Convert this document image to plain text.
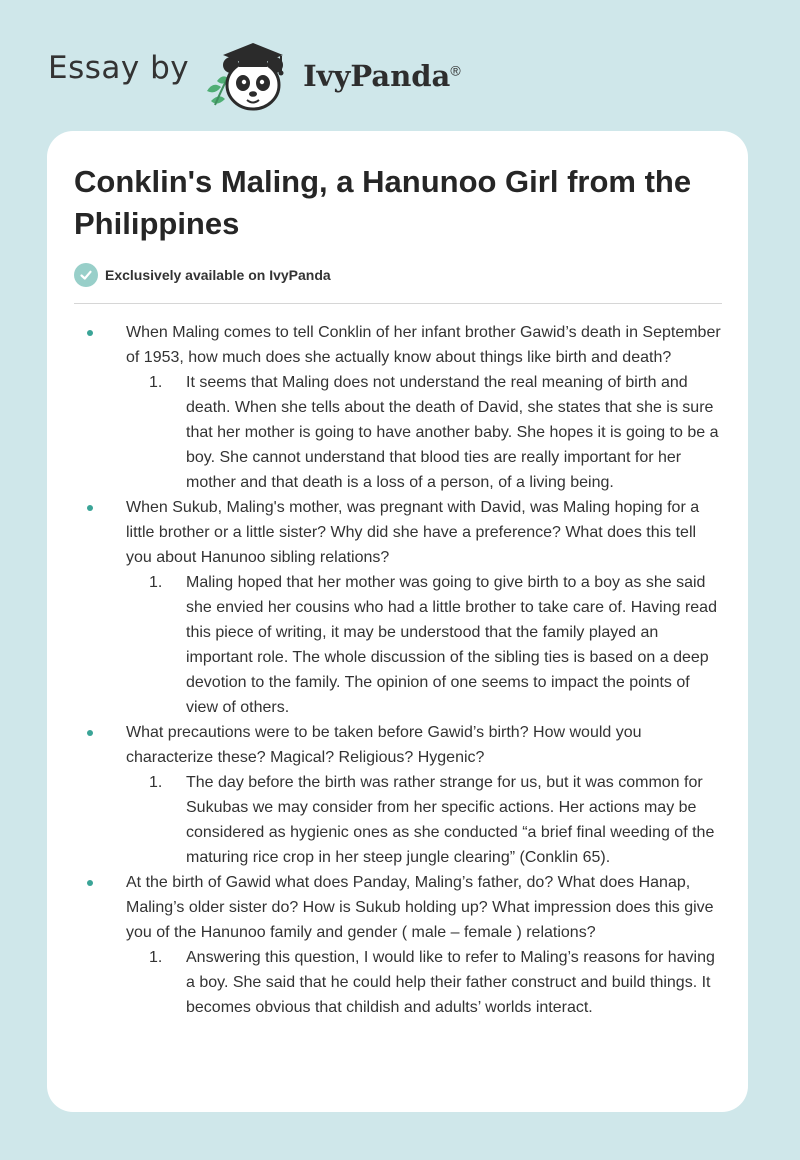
Essay by	IvyPanda®
Conklin's Maling, a Hanunoo Girl from the Philippines
Exclusively available on IvyPanda
When Maling comes to tell Conklin of her infant brother Gawid’s death in September of 1953, how much does she actually know about things like birth and death?
1. It seems that Maling does not understand the real meaning of birth and death. When she tells about the death of David, she states that she is sure that her mother is going to have another baby. She hopes it is going to be a boy. She cannot understand that blood ties are really important for her mother and that death is a loss of a person, of a living being.
When Sukub, Maling's mother, was pregnant with David, was Maling hoping for a little brother or a little sister? Why did she have a preference? What does this tell you about Hanunoo sibling relations?
1. Maling hoped that her mother was going to give birth to a boy as she said she envied her cousins who had a little brother to take care of. Having read this piece of writing, it may be understood that the family played an important role. The whole discussion of the sibling ties is based on a deep devotion to the family. The opinion of one seems to impact the points of view of others.
What precautions were to be taken before Gawid’s birth? How would you characterize these? Magical? Religious? Hygenic?
1. The day before the birth was rather strange for us, but it was common for Sukubas we may consider from her specific actions. Her actions may be considered as hygienic ones as she conducted “a brief final weeding of the maturing rice crop in her steep jungle clearing” (Conklin 65).
At the birth of Gawid what does Panday, Maling’s father, do? What does Hanap, Maling’s older sister do? How is Sukub holding up? What impression does this give you of the Hanunoo family and gender ( male – female ) relations?
1. Answering this question, I would like to refer to Maling’s reasons for having a boy. She said that he could help their father construct and build things. It becomes obvious that childish and adults’ worlds interact.
